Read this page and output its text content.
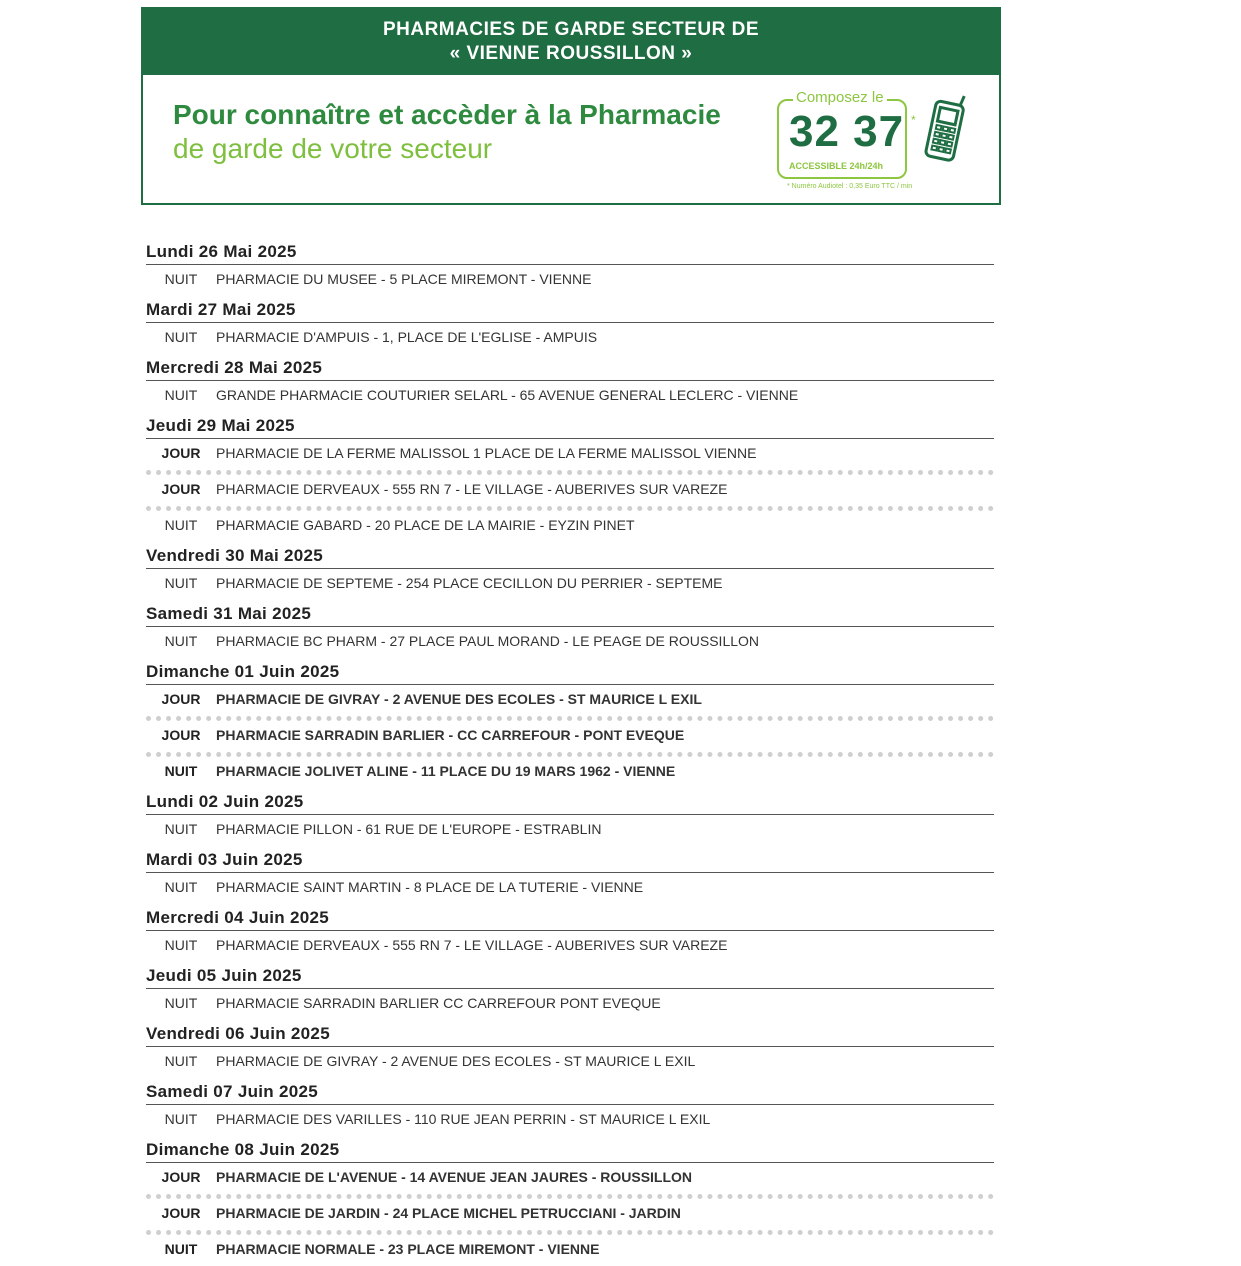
PHARMACIES DE GARDE SECTEUR DE
« VIENNE ROUSSILLON »
Pour connaître et accèder à la Pharmacie
de garde de votre secteur
Composez le
32 37 *
ACCESSIBLE 24h/24h
* Numéro Audiotel : 0,35 Euro TTC / min
Lundi 26 Mai 2025
NUIT	PHARMACIE DU MUSEE - 5 PLACE MIREMONT - VIENNE
Mardi 27 Mai 2025
NUIT	PHARMACIE D'AMPUIS - 1, PLACE DE L'EGLISE - AMPUIS
Mercredi 28 Mai 2025
NUIT	GRANDE PHARMACIE COUTURIER SELARL - 65 AVENUE GENERAL LECLERC - VIENNE
Jeudi 29 Mai 2025
JOUR	PHARMACIE DE LA FERME MALISSOL 1 PLACE DE LA FERME MALISSOL VIENNE
JOUR	PHARMACIE DERVEAUX - 555 RN 7 - LE VILLAGE - AUBERIVES SUR VAREZE
NUIT	PHARMACIE GABARD - 20 PLACE DE LA MAIRIE - EYZIN PINET
Vendredi 30 Mai 2025
NUIT	PHARMACIE DE SEPTEME - 254 PLACE CECILLON DU PERRIER - SEPTEME
Samedi 31 Mai 2025
NUIT	PHARMACIE BC PHARM - 27 PLACE PAUL MORAND - LE PEAGE DE ROUSSILLON
Dimanche 01 Juin 2025
JOUR	PHARMACIE DE GIVRAY - 2 AVENUE DES ECOLES - ST MAURICE L EXIL
JOUR	PHARMACIE SARRADIN BARLIER - CC CARREFOUR - PONT EVEQUE
NUIT	PHARMACIE JOLIVET ALINE - 11 PLACE DU 19 MARS 1962 - VIENNE
Lundi 02 Juin 2025
NUIT	PHARMACIE PILLON - 61 RUE DE L'EUROPE - ESTRABLIN
Mardi 03 Juin 2025
NUIT	PHARMACIE SAINT MARTIN - 8 PLACE DE LA TUTERIE - VIENNE
Mercredi 04 Juin 2025
NUIT	PHARMACIE DERVEAUX - 555 RN 7 - LE VILLAGE - AUBERIVES SUR VAREZE
Jeudi 05 Juin 2025
NUIT	PHARMACIE SARRADIN BARLIER CC CARREFOUR PONT EVEQUE
Vendredi 06 Juin 2025
NUIT	PHARMACIE DE GIVRAY - 2 AVENUE DES ECOLES - ST MAURICE L EXIL
Samedi 07 Juin 2025
NUIT	PHARMACIE DES VARILLES - 110 RUE JEAN PERRIN - ST MAURICE L EXIL
Dimanche 08 Juin 2025
JOUR	PHARMACIE DE L'AVENUE - 14 AVENUE JEAN JAURES - ROUSSILLON
JOUR	PHARMACIE DE JARDIN - 24 PLACE MICHEL PETRUCCIANI - JARDIN
NUIT	PHARMACIE NORMALE - 23 PLACE MIREMONT - VIENNE
